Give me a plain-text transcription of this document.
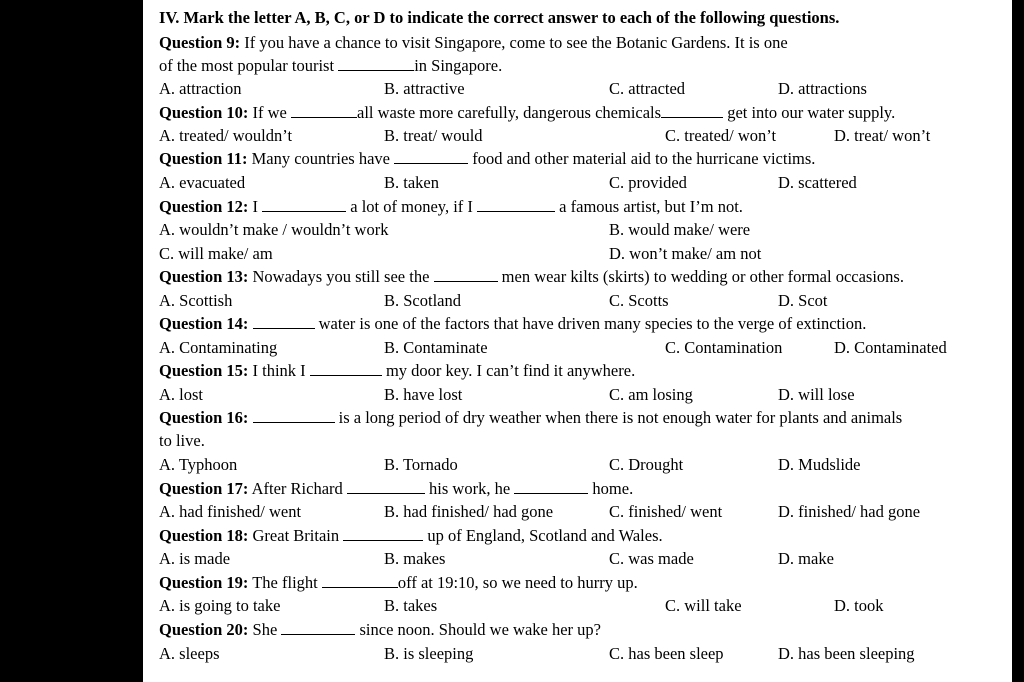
IV. Mark the letter A, B, C, or D to indicate the correct answer to each of the following questions.
Question 9: If you have a chance to visit Singapore, come to see the Botanic Gardens. It is one
of the most popular tourist	in Singapore.
A. attraction	B. attractive	C. attracted	D. attractions
Question 10: If we	all waste more carefully, dangerous chemicals	get into our water supply.
A. treated/ wouldn’t	B. treat/ would	C. treated/ won’t	D. treat/ won’t
Question 11: Many countries have	food and other material aid to the hurricane victims.
A. evacuated	B. taken	C. provided	D. scattered
Question 12: I	a lot of money, if I	a famous artist, but I’m not.
A. wouldn’t make / wouldn’t work	B. would make/ were
C. will make/ am	D. won’t make/ am not
Question 13: Nowadays you still see the	men wear kilts (skirts) to wedding or other formal occasions.
A. Scottish	B. Scotland	C. Scotts	D. Scot
Question 14:	water is one of the factors that have driven many species to the verge of extinction.
A. Contaminating	B. Contaminate	C. Contamination	D. Contaminated
Question 15: I think I	my door key. I can’t find it anywhere.
A. lost	B. have lost	C. am losing	D. will lose
Question 16:	is a long period of dry weather when there is not enough water for plants and animals
to live.
A. Typhoon	B. Tornado	C. Drought	D. Mudslide
Question 17: After Richard	his work, he	home.
A. had finished/ went	B. had finished/ had gone	C. finished/ went	D. finished/ had gone
Question 18: Great Britain	up of England, Scotland and Wales.
A. is made	B. makes	C. was made	D. make
Question 19: The flight	off at 19:10, so we need to hurry up.
A. is going to take	B. takes	C. will take	D. took
Question 20: She	since noon. Should we wake her up?
A. sleeps	B. is sleeping	C. has been sleep	D. has been sleeping
